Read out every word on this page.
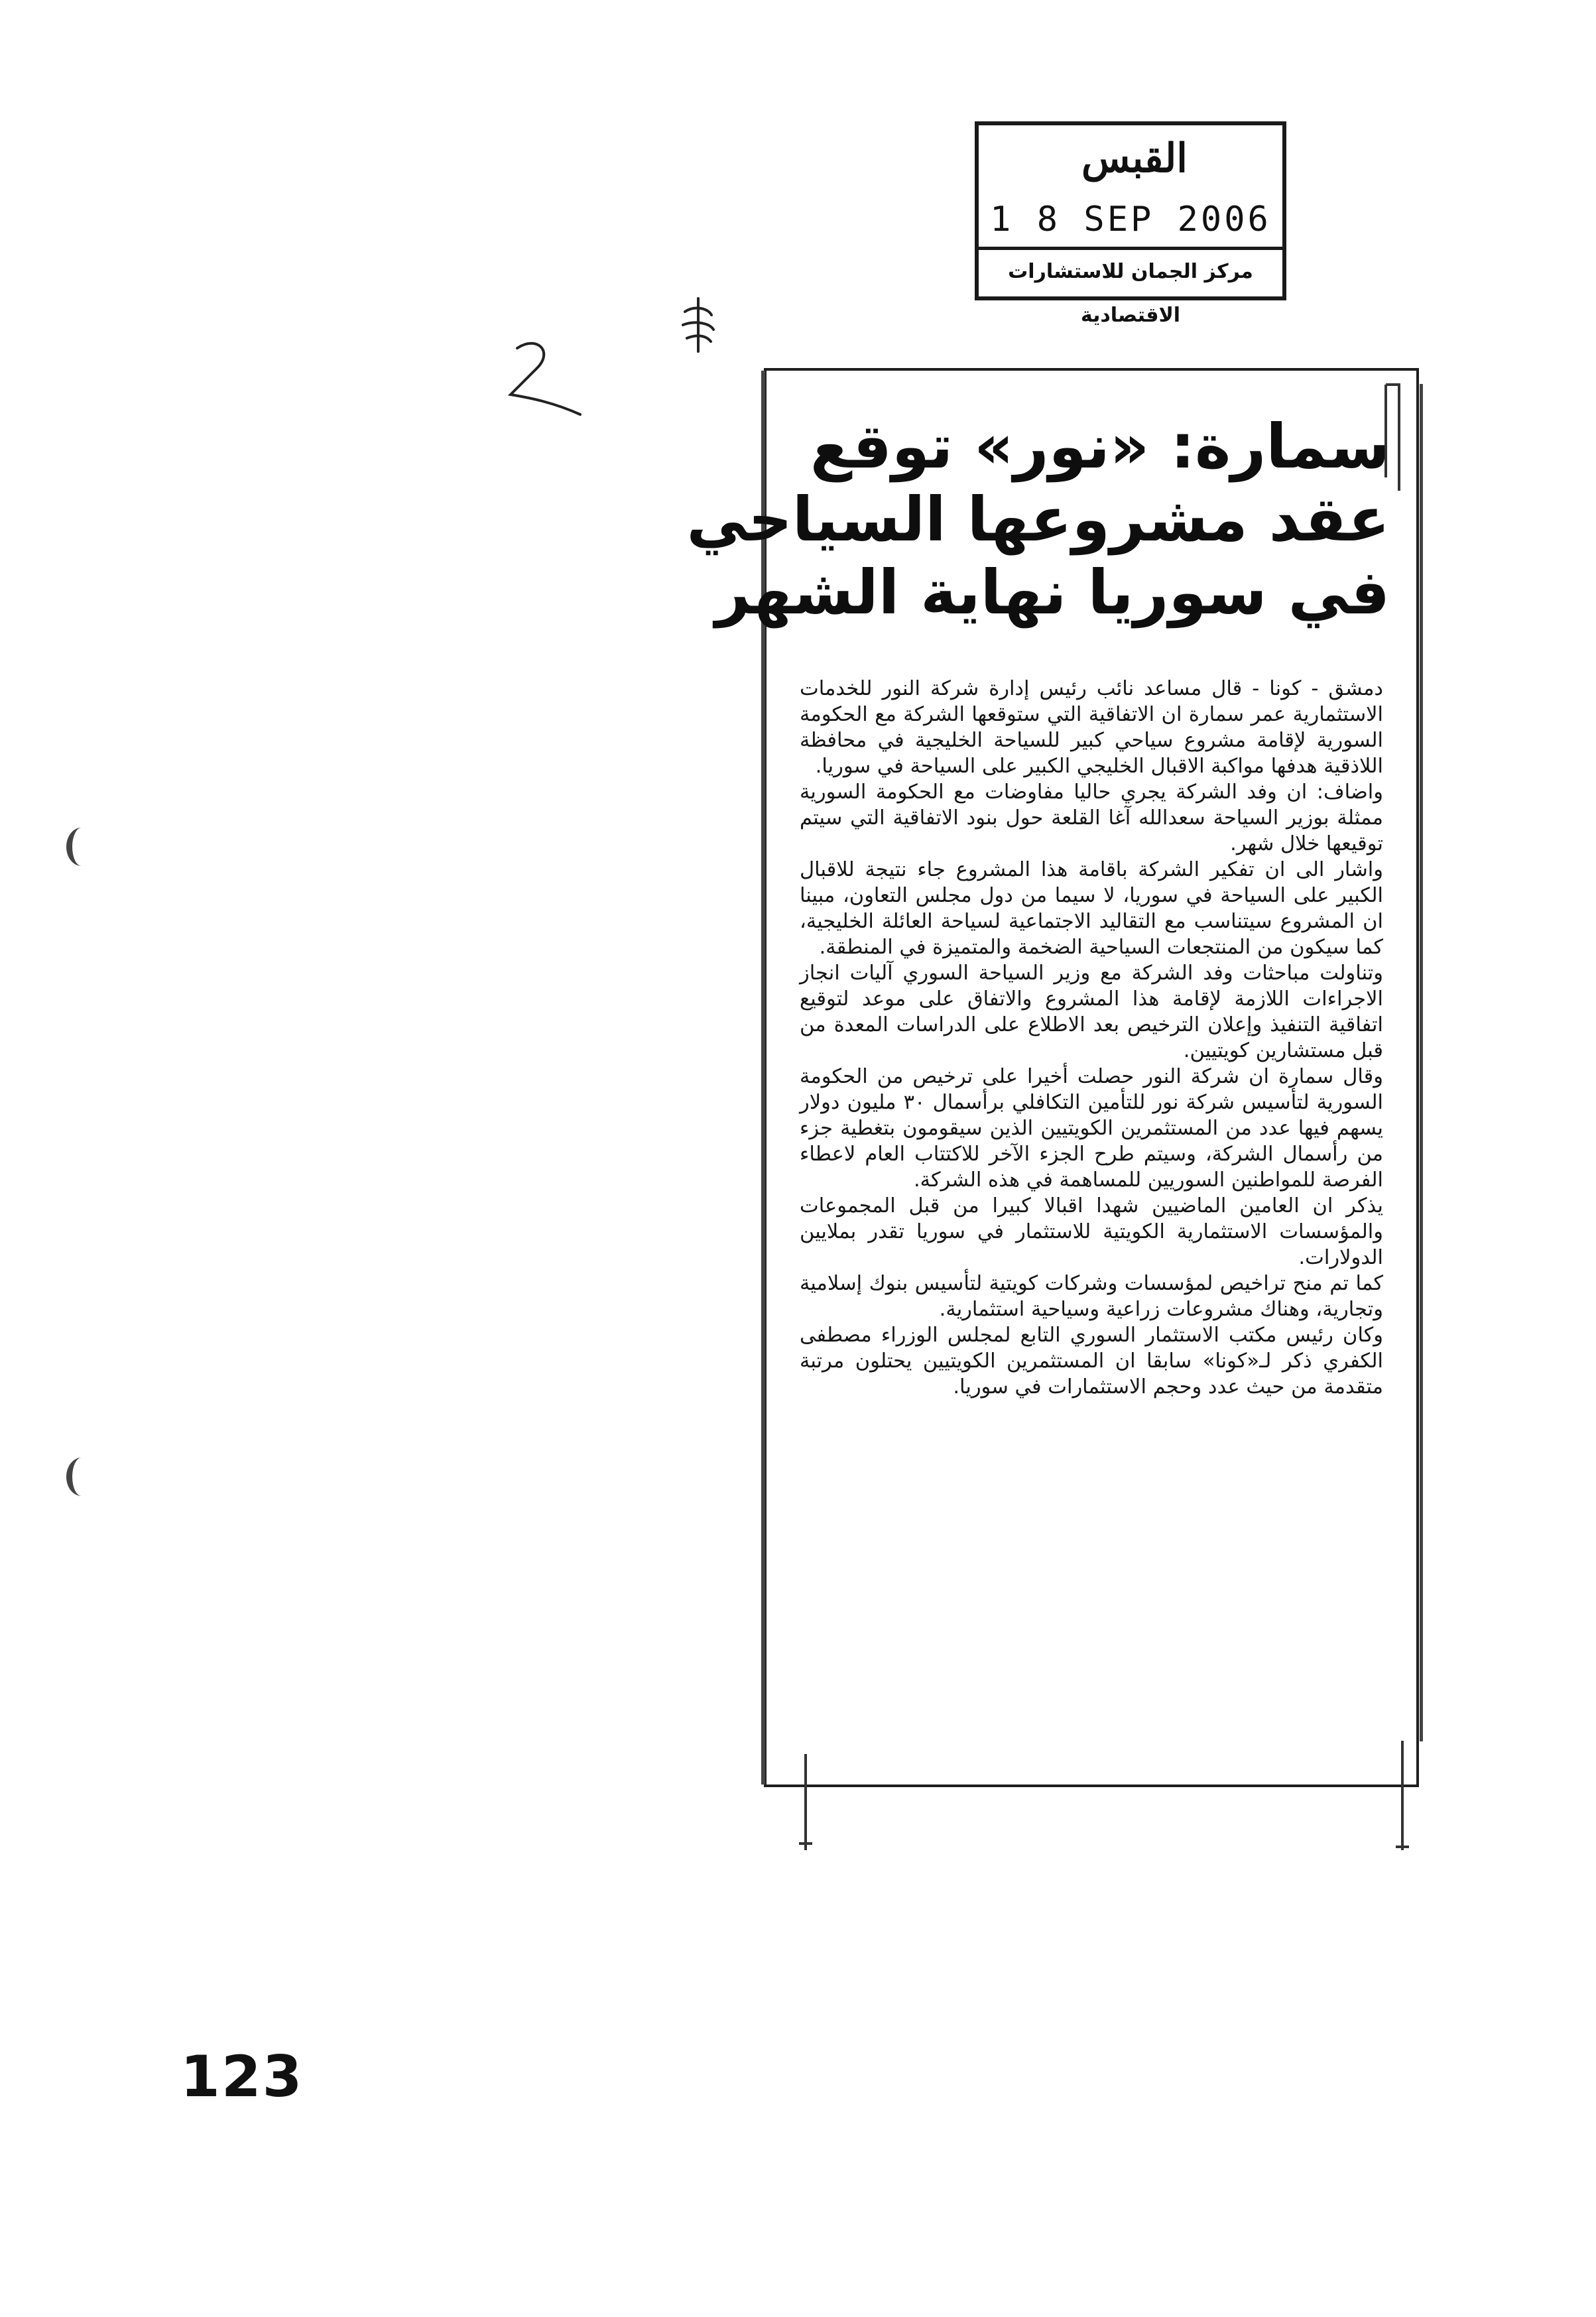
القبس
1 8 SEP 2006
مركز الجمان للاستشارات الاقتصادية
سمارة: «نور» توقع
عقد مشروعها السياحي
في سوريا نهاية الشهر

دمشق - كونا - قال مساعد نائب رئيس إدارة شركة النور للخدمات الاستثمارية عمر سمارة ان الاتفاقية التي ستوقعها الشركة مع الحكومة السورية لإقامة مشروع سياحي كبير للسياحة الخليجية في محافظة اللاذقية هدفها مواكبة الاقبال الخليجي الكبير على السياحة في سوريا.

واضاف: ان وفد الشركة يجري حاليا مفاوضات مع الحكومة السورية ممثلة بوزير السياحة سعدالله آغا القلعة حول بنود الاتفاقية التي سيتم توقيعها خلال شهر.

واشار الى ان تفكير الشركة باقامة هذا المشروع جاء نتيجة للاقبال الكبير على السياحة في سوريا، لا سيما من دول مجلس التعاون، مبينا ان المشروع سيتناسب مع التقاليد الاجتماعية لسياحة العائلة الخليجية، كما سيكون من المنتجعات السياحية الضخمة والمتميزة في المنطقة.

وتناولت مباحثات وفد الشركة مع وزير السياحة السوري آليات انجاز الاجراءات اللازمة لإقامة هذا المشروع والاتفاق على موعد لتوقيع اتفاقية التنفيذ وإعلان الترخيص بعد الاطلاع على الدراسات المعدة من قبل مستشارين كويتيين.

وقال سمارة ان شركة النور حصلت أخيرا على ترخيص من الحكومة السورية لتأسيس شركة نور للتأمين التكافلي برأسمال ٣٠ مليون دولار يسهم فيها عدد من المستثمرين الكويتيين الذين سيقومون بتغطية جزء من رأسمال الشركة، وسيتم طرح الجزء الآخر للاكتتاب العام لاعطاء الفرصة للمواطنين السوريين للمساهمة في هذه الشركة.

يذكر ان العامين الماضيين شهدا اقبالا كبيرا من قبل المجموعات والمؤسسات الاستثمارية الكويتية للاستثمار في سوريا تقدر بملايين الدولارات.

كما تم منح تراخيص لمؤسسات وشركات كويتية لتأسيس بنوك إسلامية وتجارية، وهناك مشروعات زراعية وسياحية استثمارية.

وكان رئيس مكتب الاستثمار السوري التابع لمجلس الوزراء مصطفى الكفري ذكر لـ«كونا» سابقا ان المستثمرين الكويتيين يحتلون مرتبة متقدمة من حيث عدد وحجم الاستثمارات في سوريا.

123
